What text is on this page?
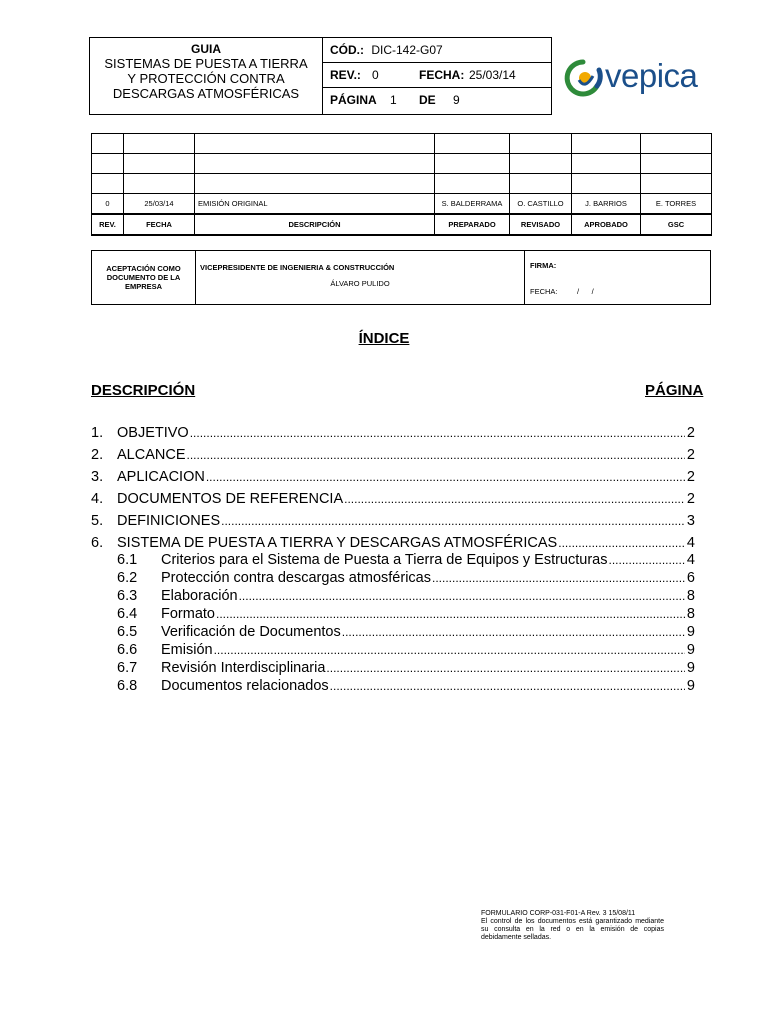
GUIA
SISTEMAS DE PUESTA A TIERRA
Y PROTECCIÓN CONTRA
DESCARGAS ATMOSFÉRICAS
CÓD.: DIC-142-G07
REV.: 0	FECHA: 25/03/14
PÁGINA 1 DE 9
vepica

0	25/03/14	EMISIÓN ORIGINAL	S. BALDERRAMA	O. CASTILLO	J. BARRIOS	E. TORRES
REV.	FECHA	DESCRIPCIÓN	PREPARADO	REVISADO	APROBADO	GSC
ACEPTACIÓN COMO
DOCUMENTO DE LA
EMPRESA
VICEPRESIDENTE DE INGENIERIA & CONSTRUCCIÓN
ÁLVARO PULIDO
FIRMA:
FECHA:	/      /
ÍNDICE
DESCRIPCIÓN	PÁGINA
1. OBJETIVO .....	2
2. ALCANCE .....	2
3. APLICACION .....	2
4. DOCUMENTOS DE REFERENCIA .....	2
5. DEFINICIONES .....	3
6. SISTEMA DE PUESTA A TIERRA Y DESCARGAS ATMOSFÉRICAS .....	4
6.1	Criterios para el Sistema de Puesta a Tierra de Equipos y Estructuras .....	4
6.2	Protección contra descargas atmosféricas .....	6
6.3	Elaboración .....	8
6.4	Formato .....	8
6.5	Verificación de Documentos .....	9
6.6	Emisión .....	9
6.7	Revisión Interdisciplinaria .....	9
6.8	Documentos relacionados .....	9
FORMULARIO CORP-031-F01-A Rev. 3 15/08/11
El control de los documentos está garantizado mediante su consulta en la red o en la emisión de copias debidamente selladas.
